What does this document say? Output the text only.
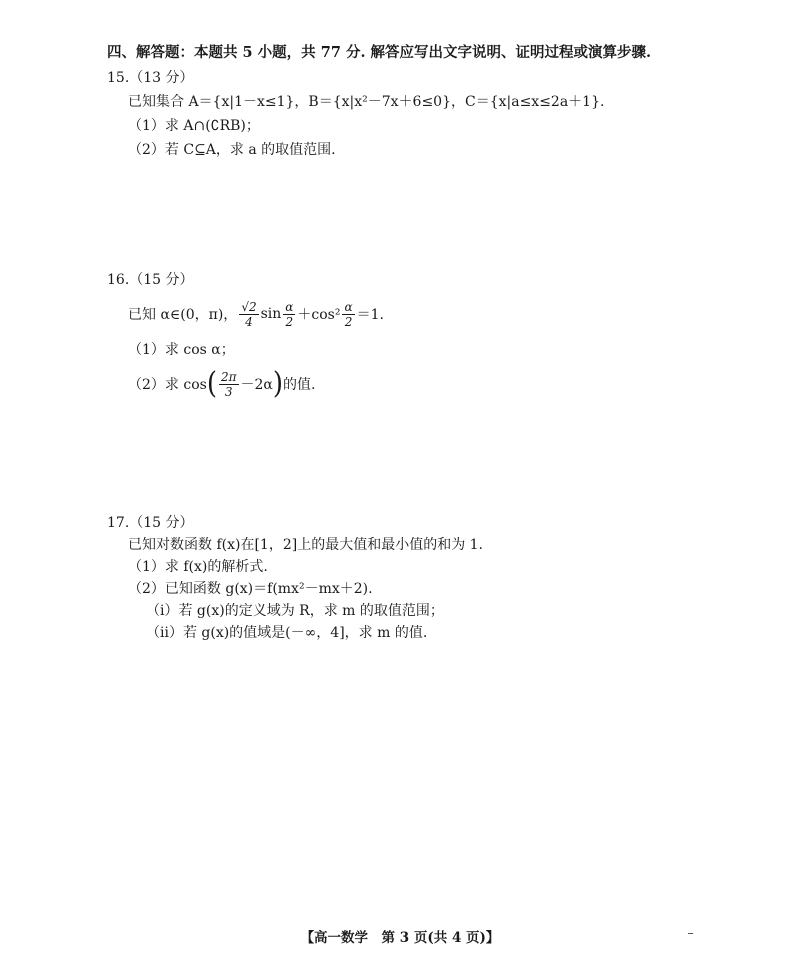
四、解答题：本题共 5 小题，共 77 分. 解答应写出文字说明、证明过程或演算步骤.
15.（13 分）
已知集合 A＝{x|1－x≤1}，B＝{x|x²－7x＋6≤0}，C＝{x|a≤x≤2a＋1}.
（1）求 A∩(∁RB)；
（2）若 C⊆A，求 a 的取值范围.
16.（15 分）
已知 α∈(0，π)， $\frac{√2}{4}$ $\sin \frac{\alpha}{2} +\cos^2 \frac{\alpha}{2} =1$.
（1）求 cos α；
（2）求 cos ( $\frac{2\pi}{3} -2\alpha$ ) 的值.
17.（15 分）
已知对数函数 f(x)在[1，2]上的最大值和最小值的和为 1.
（1）求 f(x)的解析式.
（2）已知函数 g(x)＝f(mx²－mx＋2).
（ⅰ）若 g(x)的定义域为 R，求 m 的取值范围；
（ⅱ）若 g(x)的值域是(－∞，4]，求 m 的值.
【高一数学　第 3 页(共 4 页)】
